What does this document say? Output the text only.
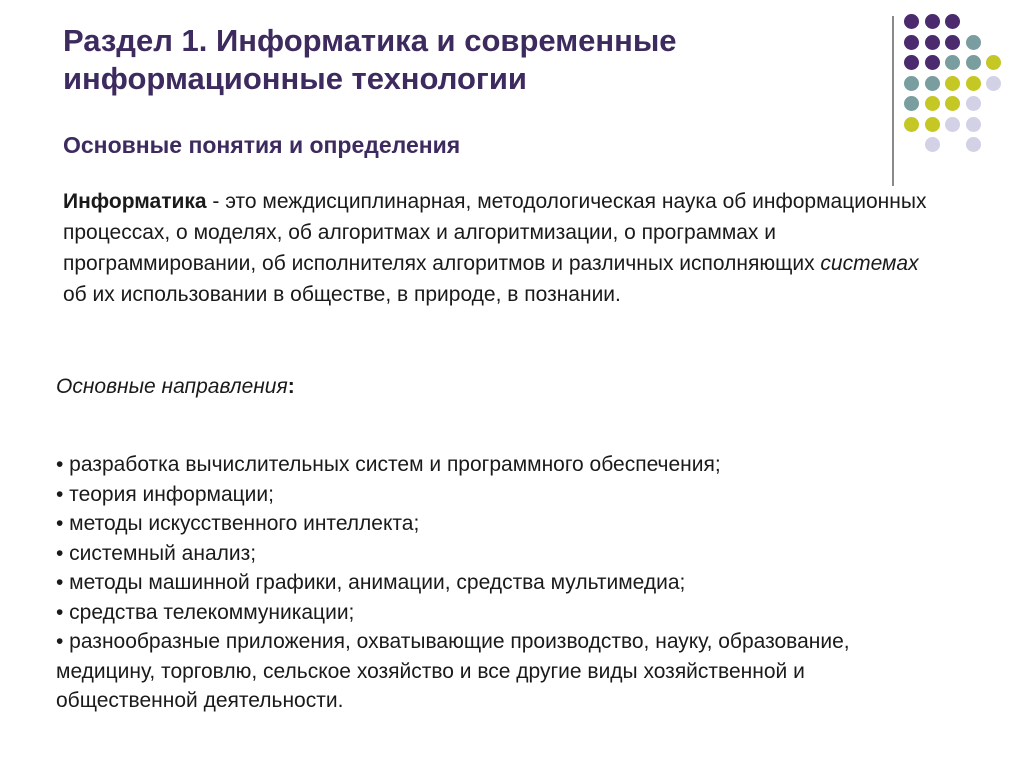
Раздел 1. Информатика и современные информационные технологии
Основные понятия и определения

Информатика - это междисциплинарная, методологическая наука об информационных процессах, о моделях, об алгоритмах и алгоритмизации, о программах и программировании, об исполнителях алгоритмов и различных исполняющих системах об их использовании в обществе, в природе, в познании.

Основные направления:

• разработка вычислительных систем и программного обеспечения;
• теория информации;
• методы искусственного интеллекта;
• системный анализ;
• методы машинной графики, анимации, средства мультимедиа;
• средства телекоммуникации;
• разнообразные приложения, охватывающие производство, науку, образование, медицину, торговлю, сельское хозяйство и все другие виды хозяйственной и общественной деятельности.
